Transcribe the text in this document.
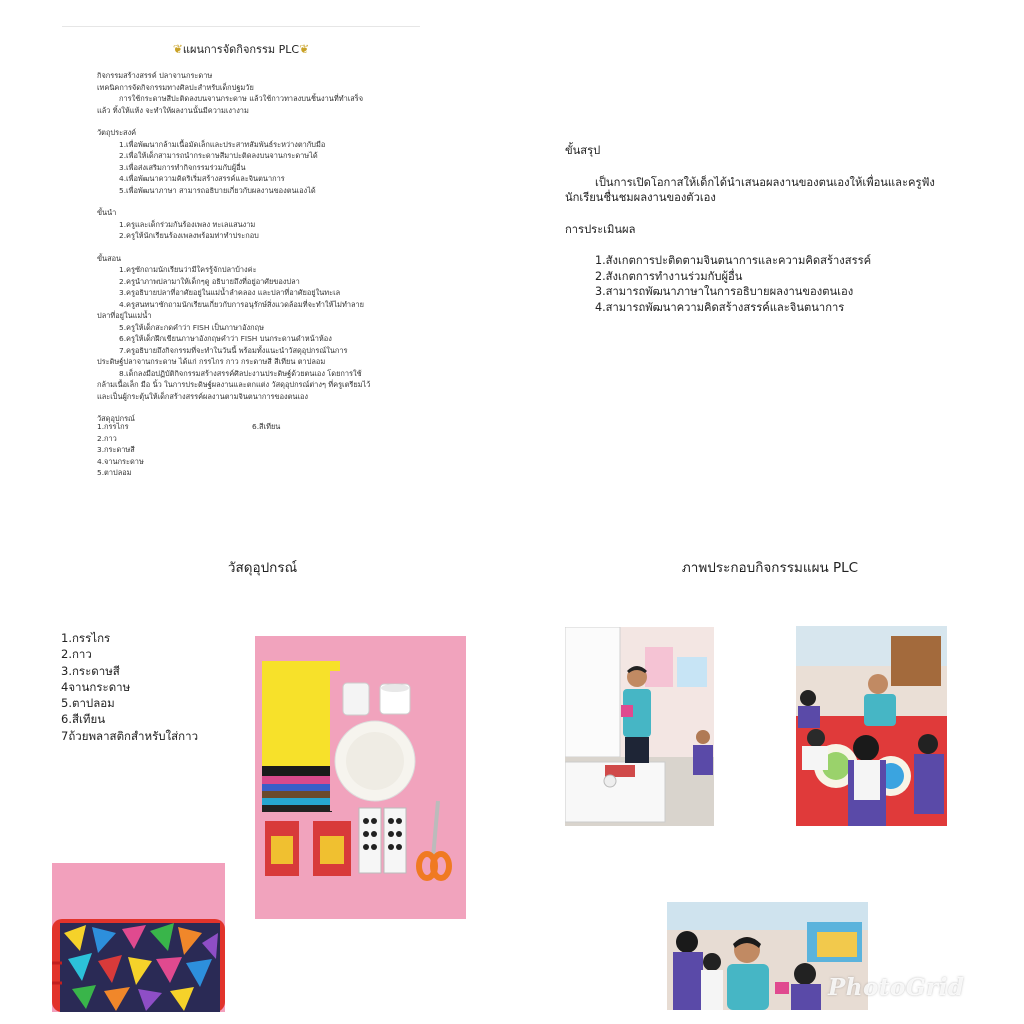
❦แผนการจัดกิจกรรม PLC❦

กิจกรรมสร้างสรรค์ ปลาจานกระดาษ

เทคนิคการจัดกิจกรรมทางศิลปะสำหรับเด็กปฐมวัย

การใช้กระดาษสีปะติดลงบนจานกระดาษ แล้วใช้กาวทาลงบนชิ้นงานที่ทำเสร็จ

แล้ว ทิ้งให้แห้ง จะทำให้ผลงานนั้นมีความเงางาม

วัตถุประสงค์

1.เพื่อพัฒนากล้ามเนื้อมัดเล็กและประสาทสัมพันธ์ระหว่างตากับมือ

2.เพื่อให้เด็กสามารถนำกระดาษสีมาปะติดลงบนจานกระดาษได้

3.เพื่อส่งเสริมการทำกิจกรรมร่วมกับผู้อื่น

4.เพื่อพัฒนาความคิดริเริ่มสร้างสรรค์และจินตนาการ

5.เพื่อพัฒนาภาษา สามารถอธิบายเกี่ยวกับผลงานของตนเองได้

ขั้นนำ

1.ครูและเด็กร่วมกันร้องเพลง ทะเลแสนงาม

2.ครูให้นักเรียนร้องเพลงพร้อมท่าทำประกอบ

ขั้นสอน

1.ครูซักถามนักเรียนว่ามีใครรู้จักปลาบ้างค่ะ

2.ครูนำภาพปลามาให้เด็กๆดู อธิบายถึงที่อยู่อาศัยของปลา

3.ครูอธิบายปลาที่อาศัยอยู่ในแม่น้ำลำคลอง และปลาที่อาศัยอยู่ในทะเล

4.ครูสนทนาซักถามนักเรียนเกี่ยวกับการอนุรักษ์สิ่งแวดล้อมที่จะทำให้ไม่ทำลาย

ปลาที่อยู่ในแม่น้ำ

5.ครูให้เด็กสะกดคำว่า FISH เป็นภาษาอังกฤษ

6.ครูให้เด็กฝึกเขียนภาษาอังกฤษคำว่า FISH บนกระดานดำหน้าห้อง

7.ครูอธิบายถึงกิจกรรมที่จะทำในวันนี้ พร้อมทั้งแนะนำวัสดุอุปกรณ์ในการ

ประดิษฐ์ปลาจานกระดาษ ได้แก่ กรรไกร กาว กระดาษสี สีเทียน ตาปลอม

8.เด็กลงมือปฏิบัติกิจกรรมสร้างสรรค์ศิลปะงานประดิษฐ์ด้วยตนเอง โดยการใช้

กล้ามเนื้อเล็ก มือ นิ้ว ในการประดิษฐ์ผลงานและตกแต่ง วัสดุอุปกรณ์ต่างๆ ที่ครูเตรียมไว้

และเป็นผู้กระตุ้นให้เด็กสร้างสรรค์ผลงานตามจินตนาการของตนเอง

วัสดุอุปกรณ์

1.กรรไกร

2.กาว

3.กระดาษสี

4.จานกระดาษ

5.ตาปลอม

6.สีเทียน

ขั้นสรุป

เป็นการเปิดโอกาสให้เด็กได้นำเสนอผลงานของตนเองให้เพื่อนและครูฟัง

นักเรียนชื่นชมผลงานของตัวเอง

การประเมินผล

1.สังเกตการปะติดตามจินตนาการและความคิดสร้างสรรค์

2.สังเกตการทำงานร่วมกับผู้อื่น

3.สามารถพัฒนาภาษาในการอธิบายผลงานของตนเอง

4.สามารถพัฒนาความคิดสร้างสรรค์และจินตนาการ

วัสดุอุปกรณ์

1.กรรไกร

2.กาว

3.กระดาษสี

4จานกระดาษ

5.ตาปลอม

6.สีเทียน

7ถ้วยพลาสติกสำหรับใส่กาว

ภาพประกอบกิจกรรมแผน PLC
PhotoGrid
